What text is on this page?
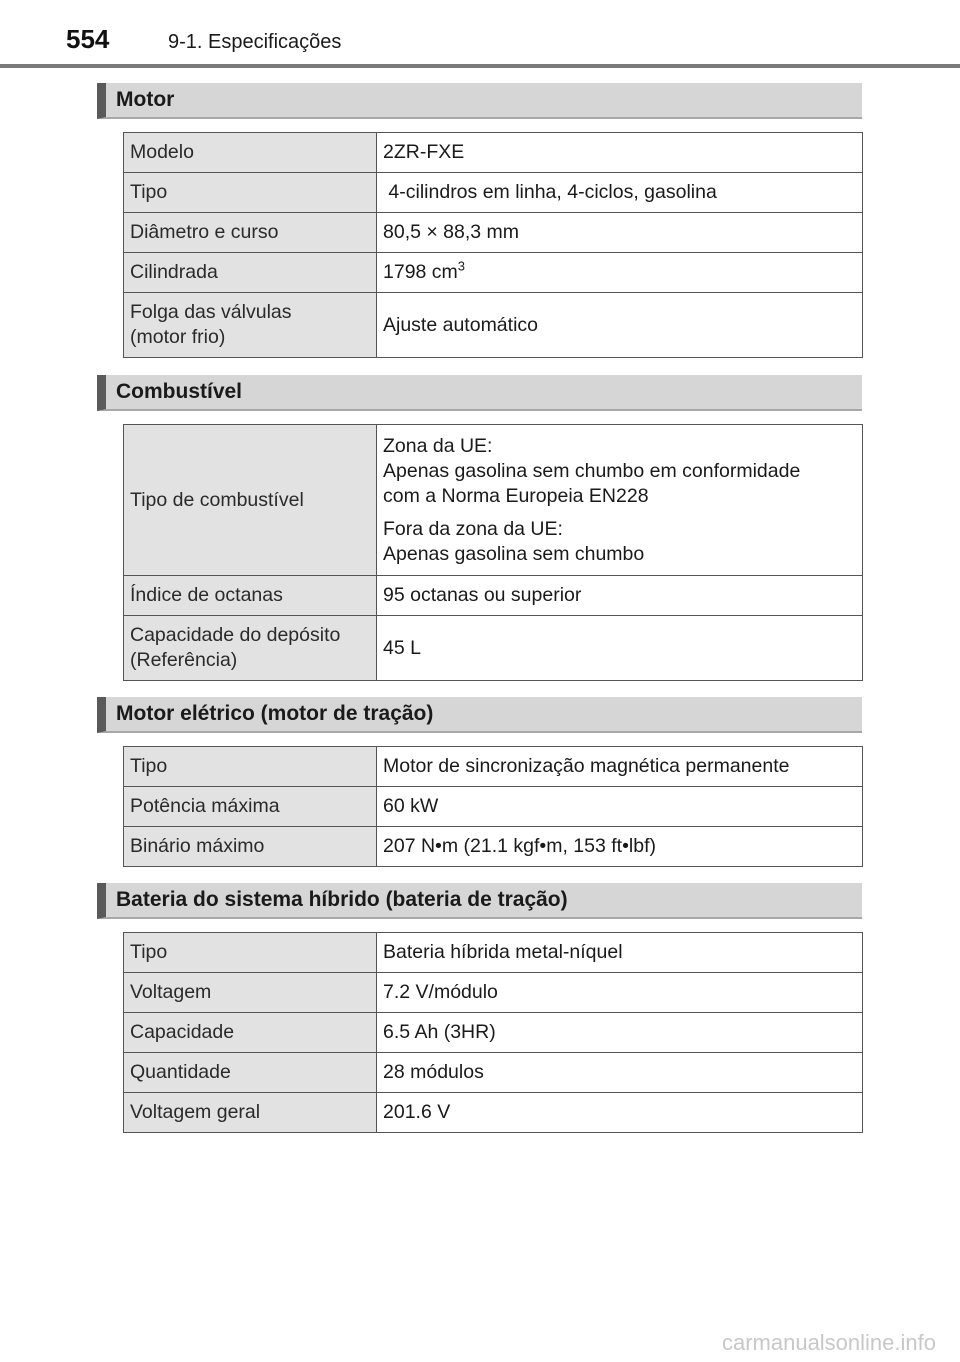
554	9-1. Especificações
Motor
Modelo	2ZR-FXE
Tipo	4-cilindros em linha, 4-ciclos, gasolina
Diâmetro e curso	80,5 × 88,3 mm
Cilindrada	1798 $cm^3$

Folga das válvulas
(motor frio)	Ajuste automático
Combustível
Tipo de combustível	Zona da UE:
Apenas gasolina sem chumbo em conformidade
com a Norma Europeia EN228

Fora da zona da UE:
Apenas gasolina sem chumbo

Índice de octanas	95 octanas ou superior

Capacidade do depósito
(Referência)	45 L
Motor elétrico (motor de tração)
Tipo	Motor de sincronização magnética permanente
Potência máxima	60 kW
Binário máximo	207 N•m (21.1 kgf•m, 153 ft•lbf)
Bateria do sistema híbrido (bateria de tração)
Tipo	Bateria híbrida metal-níquel
Voltagem	7.2 V/módulo
Capacidade	6.5 Ah (3HR)
Quantidade	28 módulos
Voltagem geral	201.6 V
carmanualsonline.info
